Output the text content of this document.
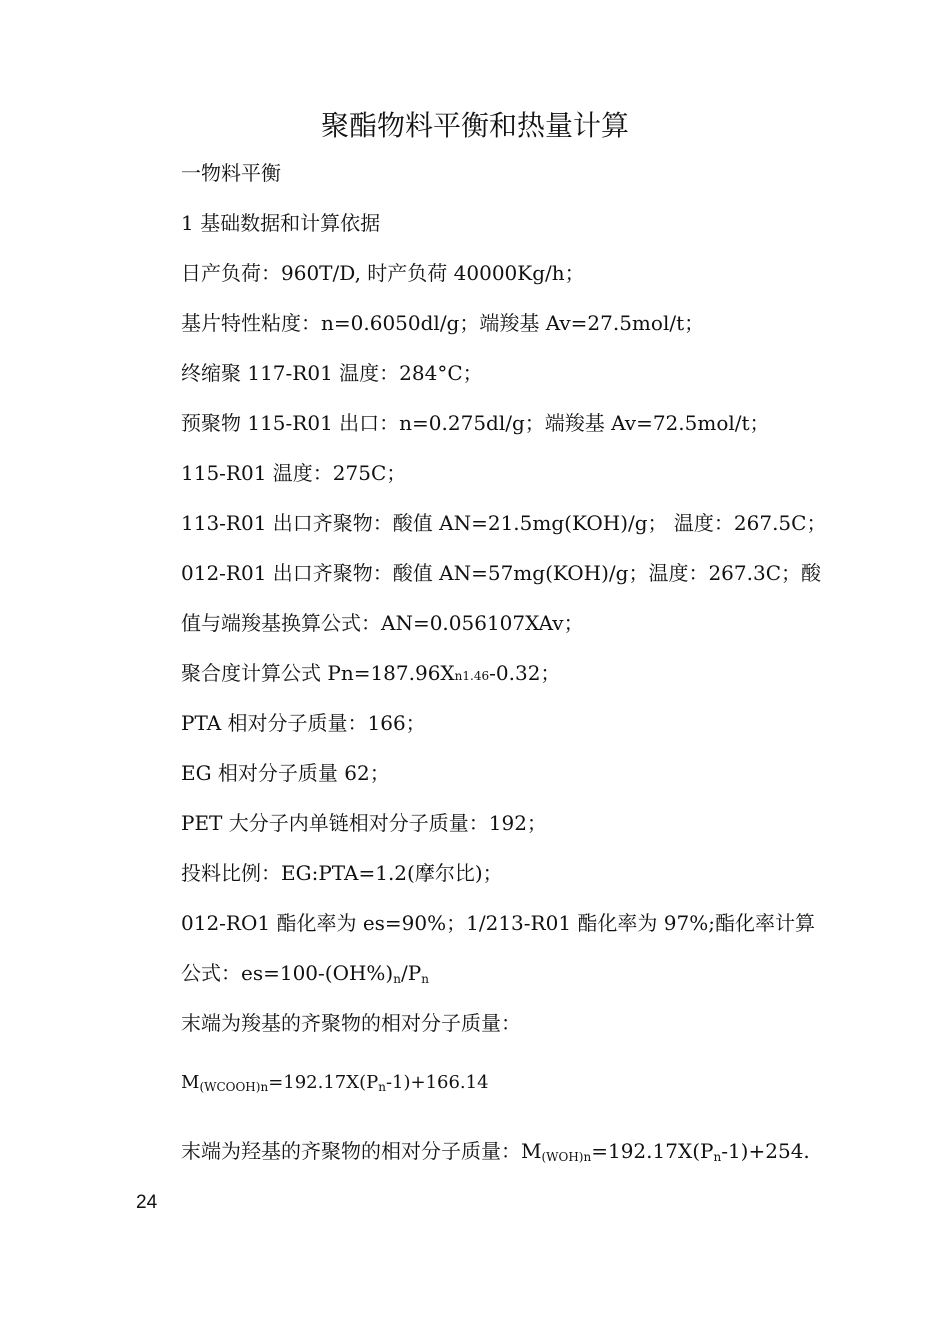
聚酯物料平衡和热量计算
一物料平衡
1 基础数据和计算依据
日产负荷：960T/D, 时产负荷 40000Kg/h；
基片特性粘度：n=0.6050dl/g；端羧基 Av=27.5mol/t；
终缩聚 117-R01 温度：284°C；
预聚物 115-R01 出口：n=0.275dl/g；端羧基 Av=72.5mol/t；
115-R01 温度：275C；
113-R01 出口齐聚物：酸值 AN=21.5mg(KOH)/g； 温度：267.5C；
012-R01 出口齐聚物：酸值 AN=57mg(KOH)/g；温度：267.3C；酸
值与端羧基换算公式：AN=0.056107XAv；
聚合度计算公式 Pn=187.96Xn1.46-0.32；
PTA 相对分子质量：166；
EG 相对分子质量 62；
PET 大分子内单链相对分子质量：192；
投料比例：EG:PTA=1.2(摩尔比)；
012-RO1 酯化率为 es=90%；1/213-R01 酯化率为 97%;酯化率计算
公式：$es=100-(OH\%)_n/P_n$
末端为羧基的齐聚物的相对分子质量：
$M_{(WCOOH)n}=192.17X(P_n-1)+166.14$
末端为羟基的齐聚物的相对分子质量：$M_{(WOH)n}=192.17X(P_n-1)+254$.
24
